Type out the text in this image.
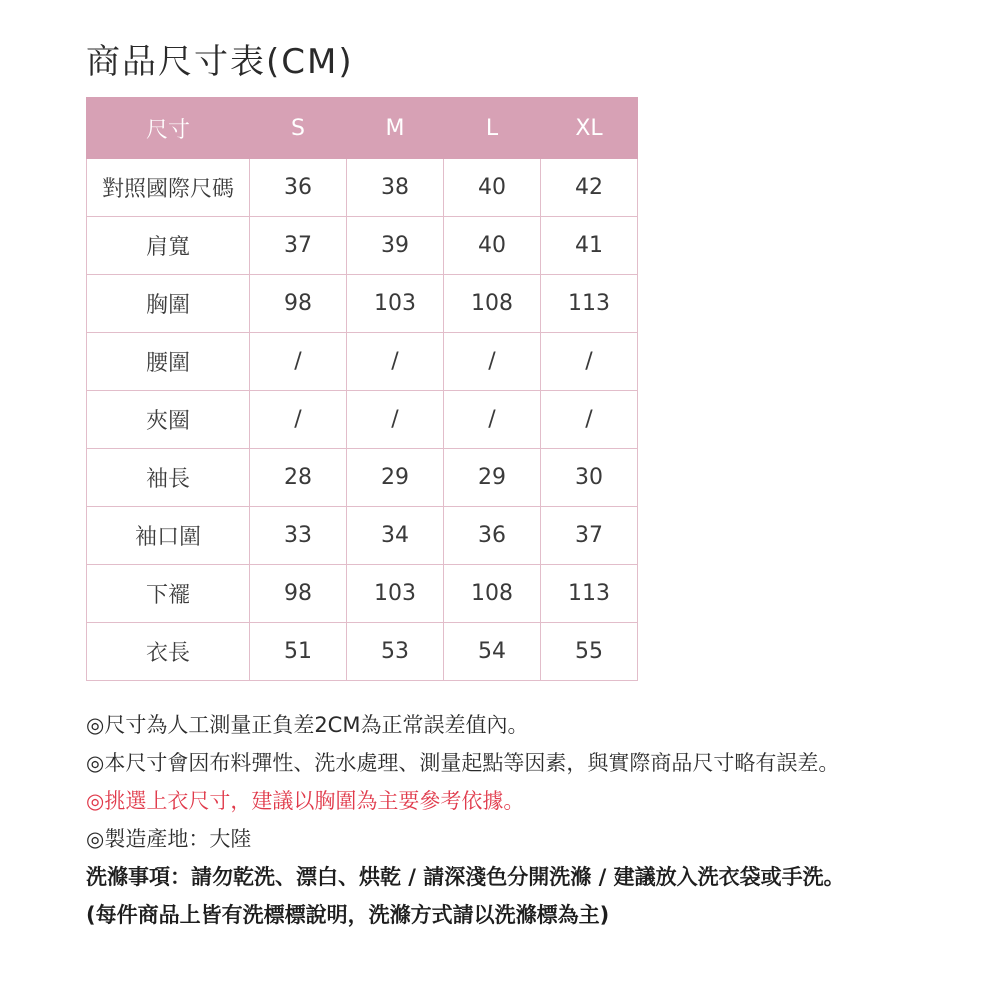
商品尺寸表(CM)
尺寸	S	M	L	XL
對照國際尺碼	36	38	40	42
肩寬	37	39	40	41
胸圍	98	103	108	113
腰圍	/	/	/	/
夾圈	/	/	/	/
袖長	28	29	29	30
袖口圍	33	34	36	37
下襬	98	103	108	113
衣長	51	53	54	55
◎尺寸為人工測量正負差2CM為正常誤差值內。
◎本尺寸會因布料彈性、洗水處理、測量起點等因素，與實際商品尺寸略有誤差。
◎挑選上衣尺寸，建議以胸圍為主要參考依據。
◎製造產地：大陸
洗滌事項：請勿乾洗、漂白、烘乾 / 請深淺色分開洗滌 / 建議放入洗衣袋或手洗。
(每件商品上皆有洗標標說明，洗滌方式請以洗滌標為主)
